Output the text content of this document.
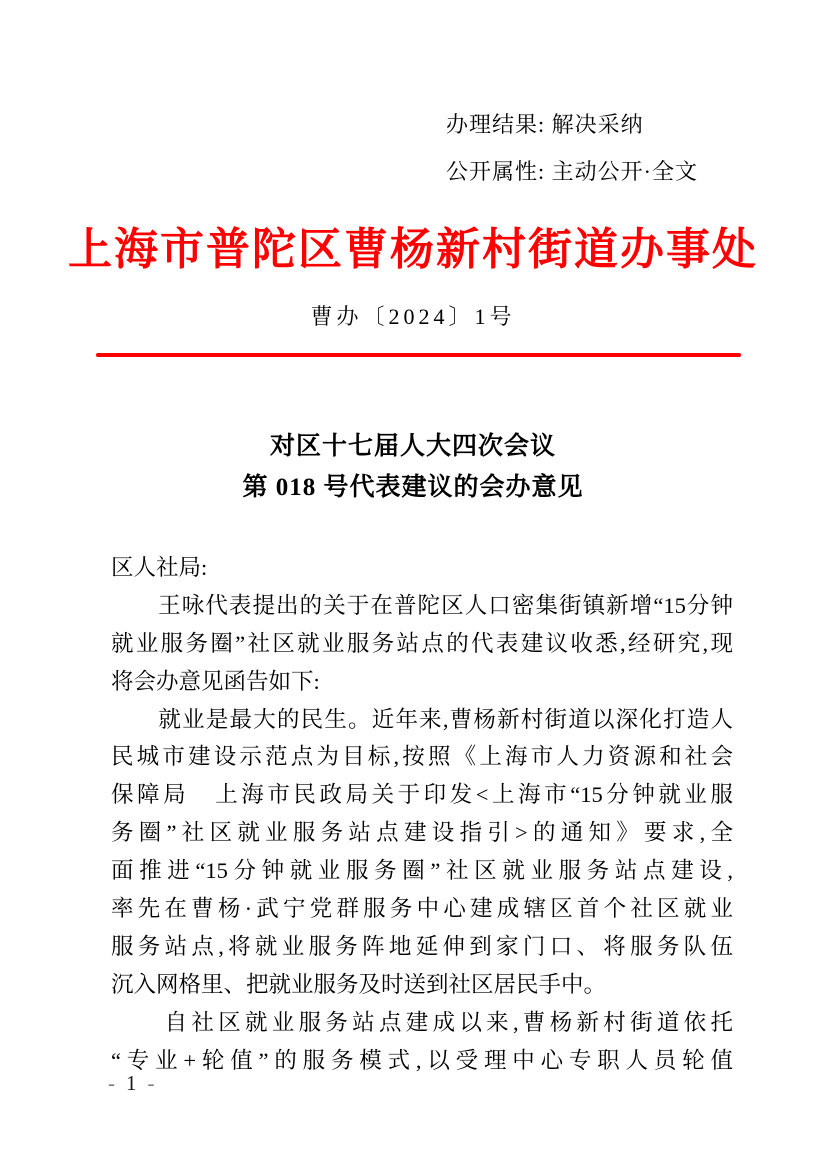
办理结果: 解决采纳
公开属性: 主动公开·全文
上海市普陀区曹杨新村街道办事处
曹办〔2024〕1号
对区十七届人大四次会议
第 018 号代表建议的会办意见
区人社局:
　　王咏代表提出的关于在普陀区人口密集街镇新增“15分钟
就业服务圈”社区就业服务站点的代表建议收悉,经研究,现
将会办意见函告如下:
　　就业是最大的民生。近年来,曹杨新村街道以深化打造人
民城市建设示范点为目标,按照《上海市人力资源和社会
保障局　上海市民政局关于印发<上海市“15分钟就业服
务圈”社区就业服务站点建设指引>的通知》要求,全
面推进“15分钟就业服务圈”社区就业服务站点建设,
率先在曹杨·武宁党群服务中心建成辖区首个社区就业
服务站点,将就业服务阵地延伸到家门口、将服务队伍
沉入网格里、把就业服务及时送到社区居民手中。
　　自社区就业服务站点建成以来,曹杨新村街道依托
“专业+轮值”的服务模式,以受理中心专职人员轮值
- 1 -
